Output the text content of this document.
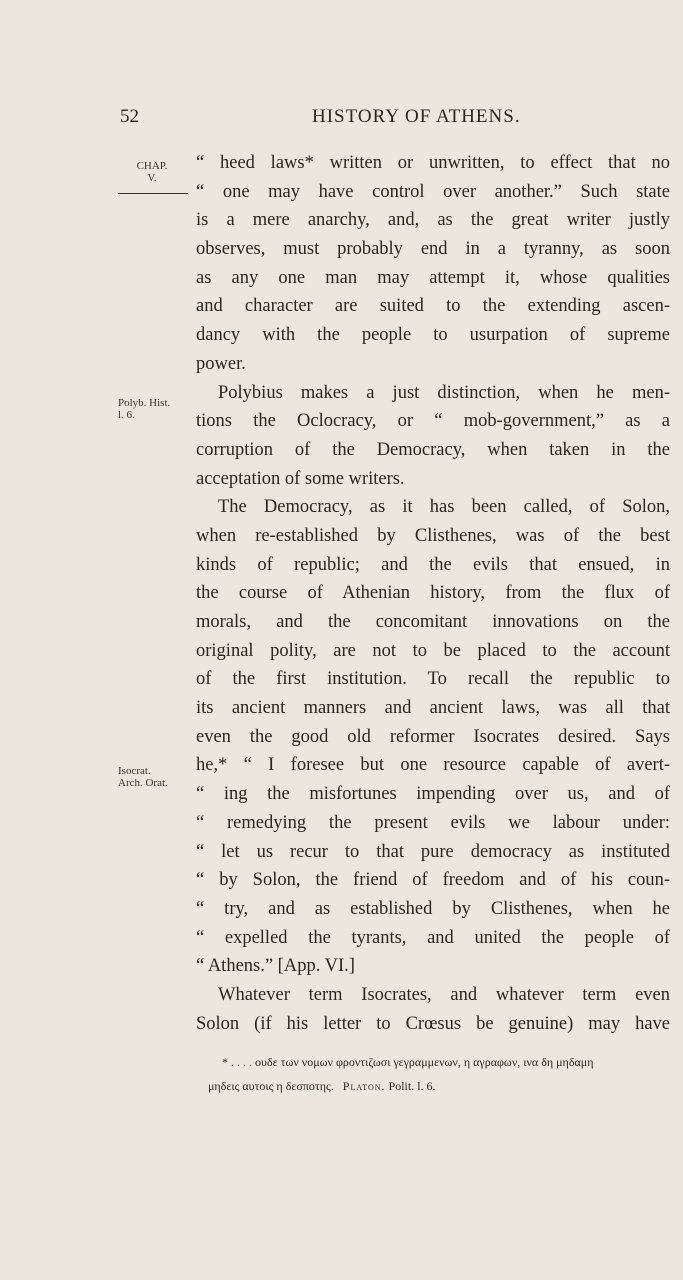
52	HISTORY OF ATHENS.
CHAP.
V.
Polyb. Hist.
l. 6.
Isocrat.
Arch. Orat.
“ heed laws* written or unwritten, to effect that no
“ one may have control over another.” Such state
is a mere anarchy, and, as the great writer justly
observes, must probably end in a tyranny, as soon
as any one man may attempt it, whose qualities
and character are suited to the extending ascen-
dancy with the people to usurpation of supreme
power.
Polybius makes a just distinction, when he men-
tions the Oclocracy, or “ mob-government,” as a
corruption of the Democracy, when taken in the
acceptation of some writers.
The Democracy, as it has been called, of Solon,
when re-established by Clisthenes, was of the best
kinds of republic; and the evils that ensued, in
the course of Athenian history, from the flux of
morals, and the concomitant innovations on the
original polity, are not to be placed to the account
of the first institution. To recall the republic to
its ancient manners and ancient laws, was all that
even the good old reformer Isocrates desired. Says
he,* “ I foresee but one resource capable of avert-
“ ing the misfortunes impending over us, and of
“ remedying the present evils we labour under:
“ let us recur to that pure democracy as instituted
“ by Solon, the friend of freedom and of his coun-
“ try, and as established by Clisthenes, when he
“ expelled the tyrants, and united the people of
“ Athens.” [App. VI.]
Whatever term Isocrates, and whatever term even
Solon (if his letter to Crœsus be genuine) may have
* . . . . ουδε των νομων φροντιζωσι γεγραμμενων, η αγραφων, ινα δη μηδαμη
μηδεις αυτοις η δεσποτης. Platon. Polit. l. 6.
